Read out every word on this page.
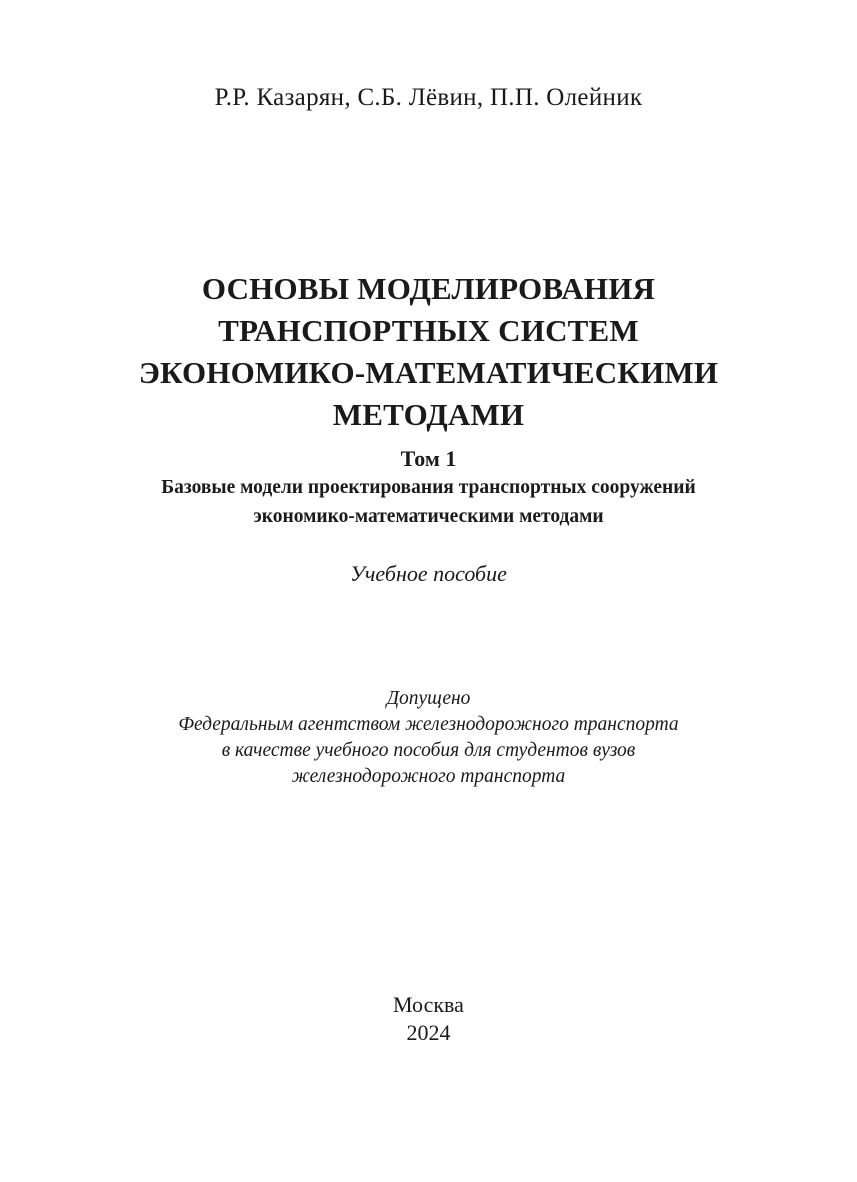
Р.Р. Казарян, С.Б. Лёвин, П.П. Олейник
ОСНОВЫ МОДЕЛИРОВАНИЯ
ТРАНСПОРТНЫХ СИСТЕМ
ЭКОНОМИКО-МАТЕМАТИЧЕСКИМИ
МЕТОДАМИ
Том 1
Базовые модели проектирования транспортных сооружений
экономико-математическими методами
Учебное пособие
Допущено
Федеральным агентством железнодорожного транспорта
в качестве учебного пособия для студентов вузов
железнодорожного транспорта
Москва
2024
